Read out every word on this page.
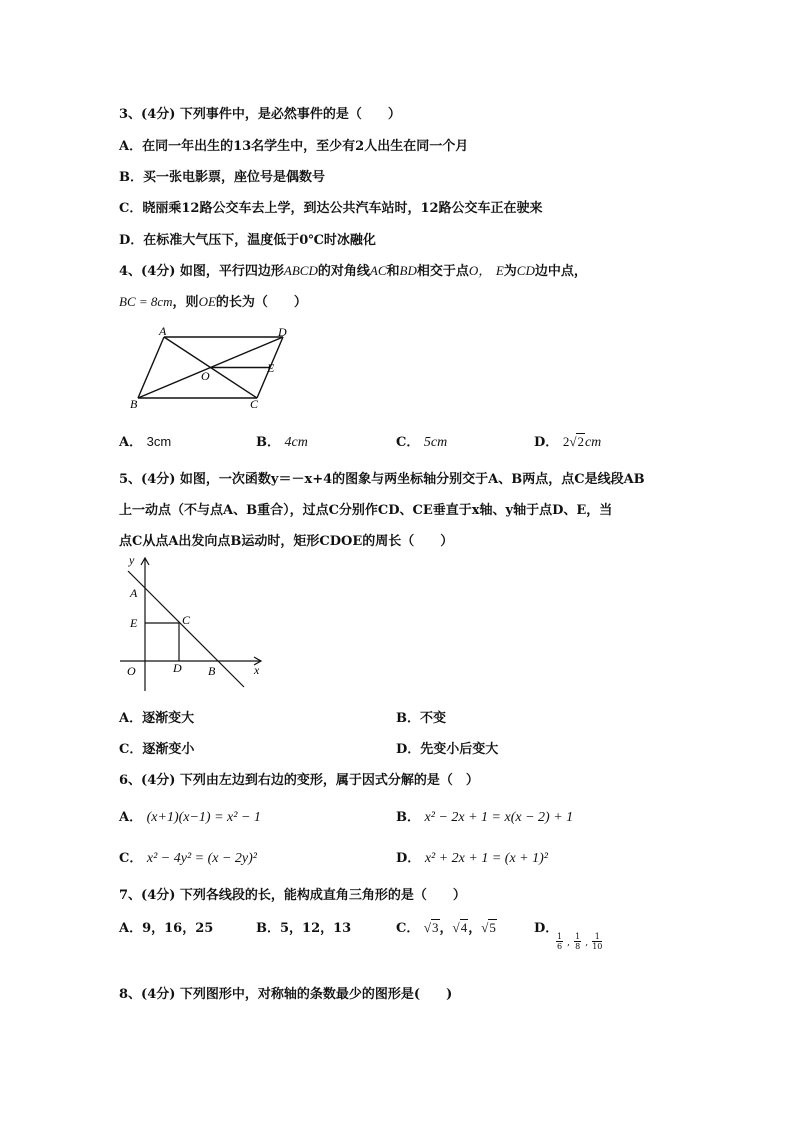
3、(4分) 下列事件中，是必然事件的是（　　）
A．在同一年出生的13名学生中，至少有2人出生在同一个月
B．买一张电影票，座位号是偶数号
C．晓丽乘12路公交车去上学，到达公共汽车站时，12路公交车正在驶来
D．在标准大气压下，温度低于0℃时冰融化
4、(4分) 如图，平行四边形ABCD的对角线AC和BD相交于点O， E为CD边中点，
BC = 8cm，则OE的长为（　　）
A	D
B	C
O
E
A． 3cm	B． 4cm	C． 5cm	D． 2√2cm
5、(4分) 如图，一次函数y＝－x+4的图象与两坐标轴分别交于A、B两点，点C是线段AB
上一动点（不与点A、B重合），过点C分别作CD、CE垂直于x轴、y轴于点D、E，当
点C从点A出发向点B运动时，矩形CDOE的周长（　　）
y
x
A
E	C
O	D B
A．逐渐变大	B．不变
C．逐渐变小	D．先变小后变大
6、(4分) 下列由左边到右边的变形，属于因式分解的是（　）
A． (x+1)(x−1) = x² − 1	B． x² − 2x + 1 = x(x − 2) + 1
C． x² − 4y² = (x − 2y)²	D． x² + 2x + 1 = (x + 1)²
7、(4分) 下列各线段的长，能构成直角三角形的是（　　）
A．9，16，25	B．5，12，13	C． √3，√4，√5	D．
$\frac{1}{6}$ , $\frac{1}{8}$ , $\frac{1}{10}$
8、(4分) 下列图形中，对称轴的条数最少的图形是(　　)
